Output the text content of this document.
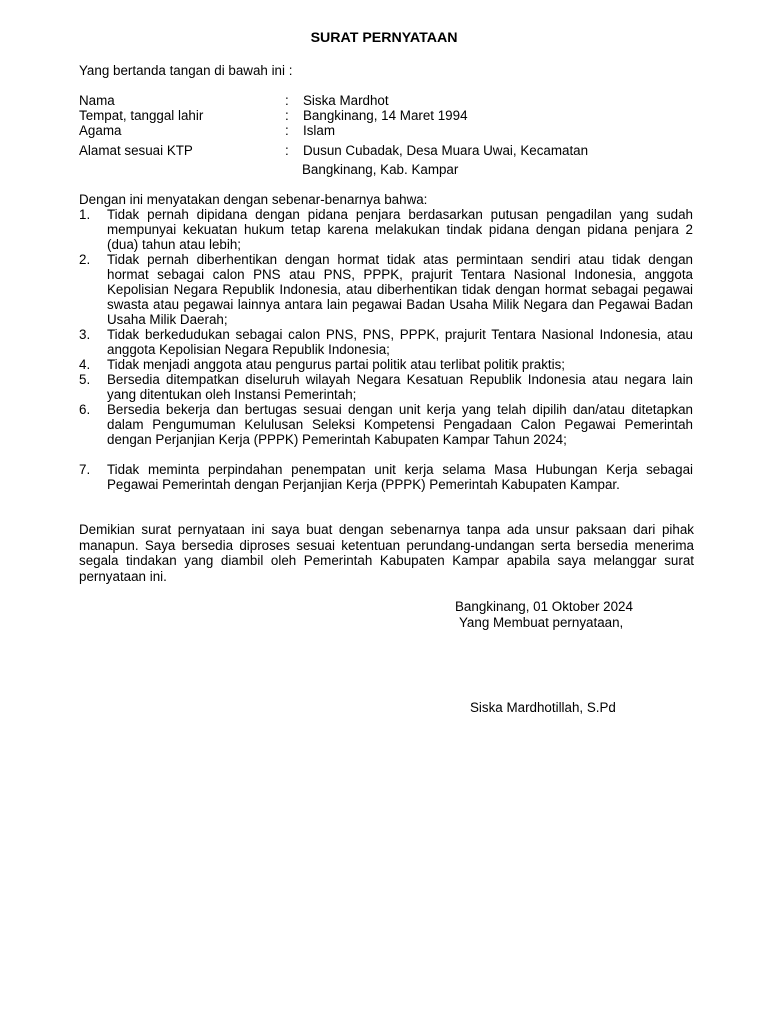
SURAT PERNYATAAN
Yang bertanda tangan di bawah ini :
Nama	: Siska Mardhot
Tempat, tanggal lahir	: Bangkinang, 14 Maret 1994
Agama	: Islam
Alamat sesuai KTP	: Dusun Cubadak, Desa Muara Uwai, Kecamatan
Bangkinang, Kab. Kampar
Dengan ini menyatakan dengan sebenar-benarnya bahwa:
1. Tidak pernah dipidana dengan pidana penjara berdasarkan putusan pengadilan yang sudah mempunyai kekuatan hukum tetap karena melakukan tindak pidana dengan pidana penjara 2 (dua) tahun atau lebih;
2. Tidak pernah diberhentikan dengan hormat tidak atas permintaan sendiri atau tidak dengan hormat sebagai calon PNS atau PNS, PPPK, prajurit Tentara Nasional Indonesia, anggota Kepolisian Negara Republik Indonesia, atau diberhentikan tidak dengan hormat sebagai pegawai swasta atau pegawai lainnya antara lain pegawai Badan Usaha Milik Negara dan Pegawai Badan Usaha Milik Daerah;
3. Tidak berkedudukan sebagai calon PNS, PNS, PPPK, prajurit Tentara Nasional Indonesia, atau anggota Kepolisian Negara Republik Indonesia;
4. Tidak menjadi anggota atau pengurus partai politik atau terlibat politik praktis;
5. Bersedia ditempatkan diseluruh wilayah Negara Kesatuan Republik Indonesia atau negara lain yang ditentukan oleh Instansi Pemerintah;
6. Bersedia bekerja dan bertugas sesuai dengan unit kerja yang telah dipilih dan/atau ditetapkan dalam Pengumuman Kelulusan Seleksi Kompetensi Pengadaan Calon Pegawai Pemerintah dengan Perjanjian Kerja (PPPK) Pemerintah Kabupaten Kampar Tahun 2024;
7. Tidak meminta perpindahan penempatan unit kerja selama Masa Hubungan Kerja sebagai Pegawai Pemerintah dengan Perjanjian Kerja (PPPK) Pemerintah Kabupaten Kampar.
Demikian surat pernyataan ini saya buat dengan sebenarnya tanpa ada unsur paksaan dari pihak manapun. Saya bersedia diproses sesuai ketentuan perundang-undangan serta bersedia menerima segala tindakan yang diambil oleh Pemerintah Kabupaten Kampar apabila saya melanggar surat pernyataan ini.
Bangkinang, 01 Oktober 2024
Yang Membuat pernyataan,
Siska Mardhotillah, S.Pd
